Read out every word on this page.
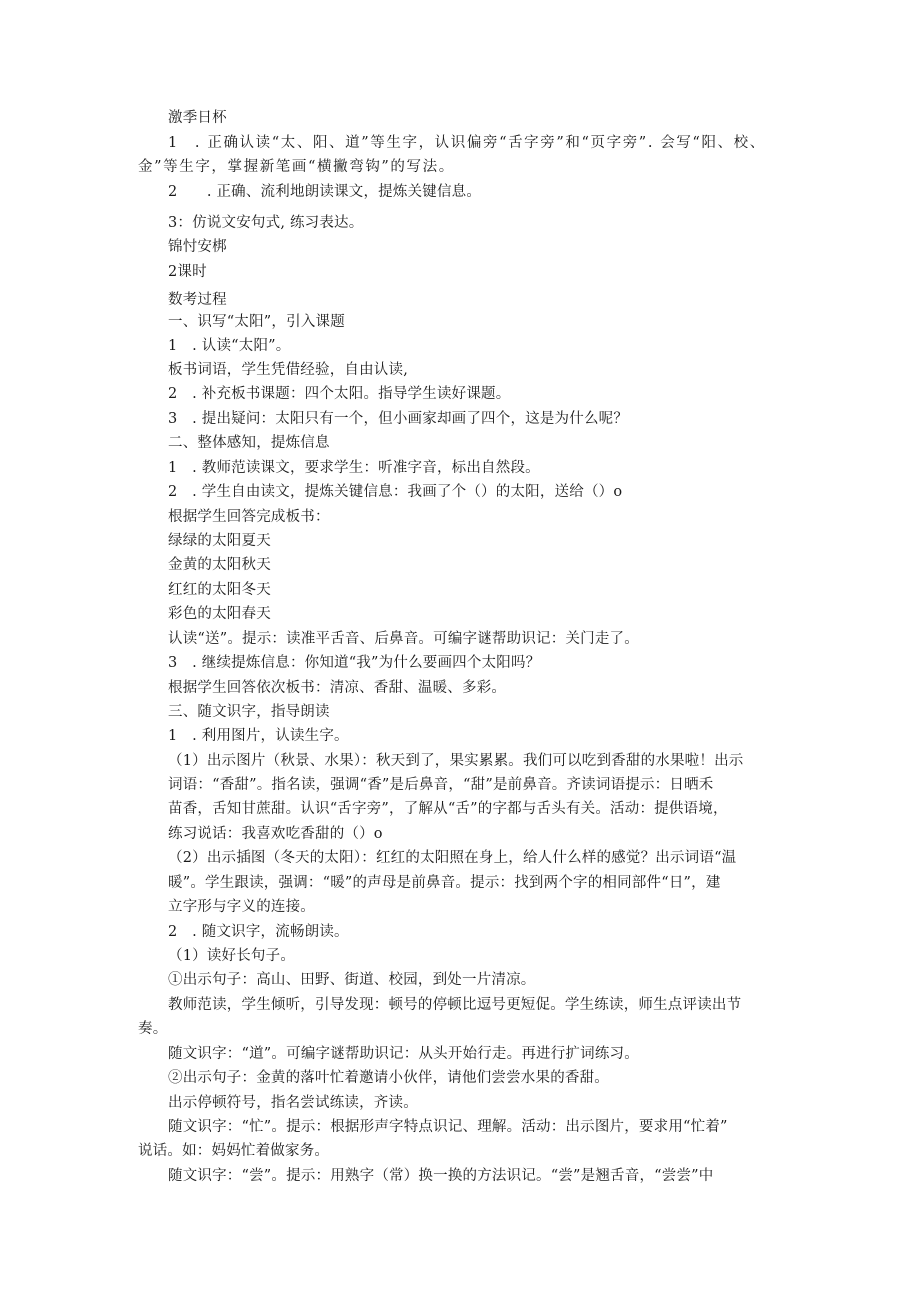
激季日杯
1　. 正确认读“太、阳、道”等生字，认识偏旁“舌字旁”和“页字旁”. 会写“阳、校、
金”等生字，掌握新笔画“横撇弯钩”的写法。
2　　. 正确、流利地朗读课文，提炼关键信息。
3：仿说文安句式, 练习表达。
锦忖安梆
2课时
数考过程
一、识写“太阳”，引入课题
1　. 认读“太阳”。
板书词语，学生凭借经验，自由认读,
2　. 补充板书课题：四个太阳。指导学生读好课题。
3　. 提出疑问：太阳只有一个，但小画家却画了四个，这是为什么呢？
二、整体感知，提炼信息
1　. 教师范读课文，要求学生：听准字音，标出自然段。
2　. 学生自由读文，提炼关键信息：我画了个（）的太阳，送给（）o
根据学生回答完成板书：
绿绿的太阳夏天
金黄的太阳秋天
红红的太阳冬天
彩色的太阳春天
认读“送”。提示：读准平舌音、后鼻音。可编字谜帮助识记：关门走了。
3　. 继续提炼信息：你知道“我”为什么要画四个太阳吗？
根据学生回答依次板书：清凉、香甜、温暖、多彩。
三、随文识字，指导朗读
1　. 利用图片，认读生字。
（1）出示图片（秋景、水果）：秋天到了，果实累累。我们可以吃到香甜的水果啦！出示
词语：“香甜”。指名读，强调“香”是后鼻音，“甜”是前鼻音。齐读词语提示：日晒禾
苗香，舌知甘蔗甜。认识“舌字旁”，了解从“舌”的字都与舌头有关。活动：提供语境，
练习说话：我喜欢吃香甜的（）o
（2）出示插图（冬天的太阳）：红红的太阳照在身上，给人什么样的感觉？出示词语“温
暖”。学生跟读，强调：“暖”的声母是前鼻音。提示：找到两个字的相同部件“日”，建
立字形与字义的连接。
2　. 随文识字，流畅朗读。
（1）读好长句子。
①出示句子：高山、田野、街道、校园，到处一片清凉。
教师范读，学生倾听，引导发现：顿号的停顿比逗号更短促。学生练读，师生点评读出节
奏。
随文识字：“道”。可编字谜帮助识记：从头开始行走。再进行扩词练习。
②出示句子：金黄的落叶忙着邀请小伙伴，请他们尝尝水果的香甜。
出示停顿符号，指名尝试练读，齐读。
随文识字：“忙”。提示：根据形声字特点识记、理解。活动：出示图片，要求用“忙着”
说话。如：妈妈忙着做家务。
随文识字：“尝”。提示：用熟字（常）换一换的方法识记。“尝”是翘舌音，“尝尝”中
